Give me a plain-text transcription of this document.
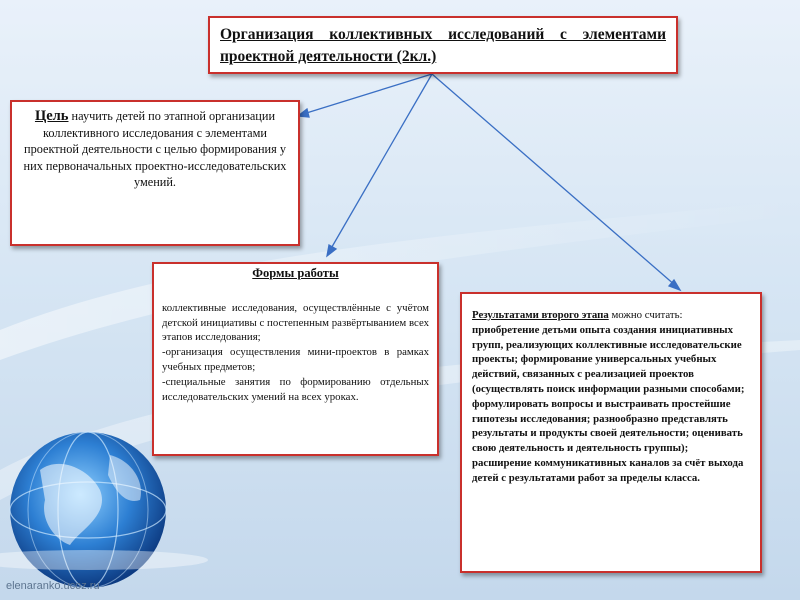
Организация коллективных исследований с элементами проектной деятельности (2кл.)
Цель научить детей по этапной организации коллективного исследования с элементами проектной деятельности с целью формирования у них первоначальных проектно-исследовательских умений.
Формы работы

коллективные исследования, осуществлённые с учётом детской инициативы с постепенным развёртыванием всех этапов исследования;

-организация осуществления мини-проектов в рамках учебных предметов;

-специальные занятия по формированию отдельных исследовательских умений на всех уроках.

Результатами второго этапа можно считать: приобретение детьми опыта создания инициативных групп, реализующих коллективные исследовательские проекты; формирование универсальных учебных действий, связанных с реализацией проектов (осуществлять поиск информации разными способами; формулировать вопросы и выстраивать простейшие гипотезы исследования; разнообразно представлять результаты и продукты своей деятельности; оценивать свою деятельность и деятельность группы); расширение коммуникативных каналов за счёт выхода детей с результатами работ за пределы класса.
elenaranko.ucoz.ru
